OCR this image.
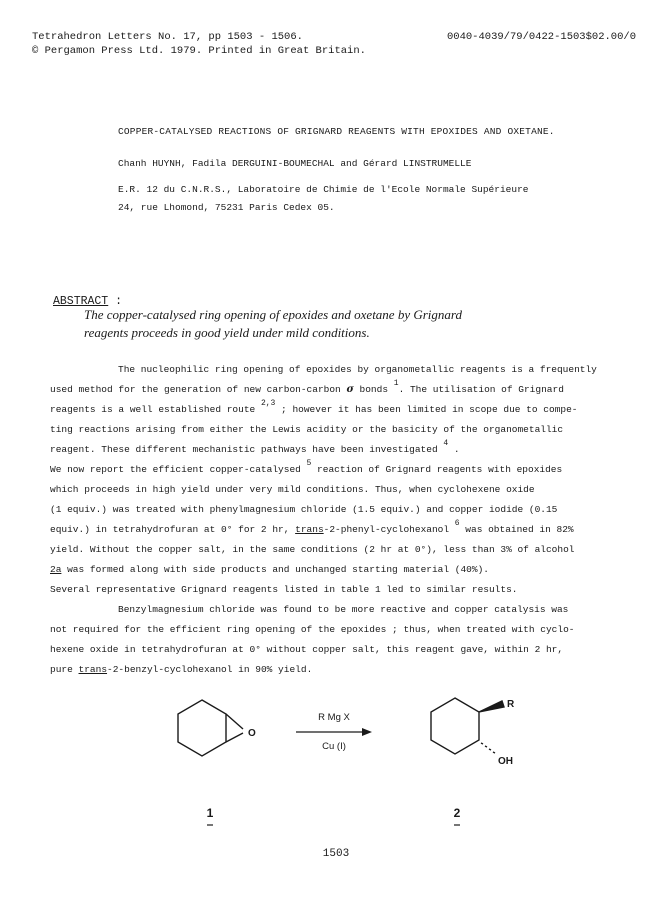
Tetrahedron Letters No. 17, pp 1503 - 1506.
© Pergamon Press Ltd. 1979. Printed in Great Britain.
0040-4039/79/0422-1503$02.00/0
COPPER-CATALYSED REACTIONS OF GRIGNARD REAGENTS WITH EPOXIDES AND OXETANE.
Chanh HUYNH, Fadila DERGUINI-BOUMECHAL and Gérard LINSTRUMELLE
E.R. 12 du C.N.R.S., Laboratoire de Chimie de l'Ecole Normale Supérieure
24, rue Lhomond, 75231 Paris Cedex 05.
ABSTRACT :
The copper-catalysed ring opening of epoxides and oxetane by Grignard
reagents proceeds in good yield under mild conditions.
The nucleophilic ring opening of epoxides by organometallic reagents is a frequently
used method for the generation of new carbon-carbon σ bonds $^1$. The utilisation of Grignard
reagents is a well established route $^{2,3}$ ; however it has been limited in scope due to compe-
ting reactions arising from either the Lewis acidity or the basicity of the organometallic
reagent. These different mechanistic pathways have been investigated $^4$ .
We now report the efficient copper-catalysed $^5$ reaction of Grignard reagents with epoxides
which proceeds in high yield under very mild conditions. Thus, when cyclohexene oxide
(1 equiv.) was treated with phenylmagnesium chloride (1.5 equiv.) and copper iodide (0.15
equiv.) in tetrahydrofuran at 0° for 2 hr, trans-2-phenyl-cyclohexanol $^6$ was obtained in 82%
yield. Without the copper salt, in the same conditions (2 hr at 0°), less than 3% of alcohol
2a was formed along with side products and unchanged starting material (40%).
Several representative Grignard reagents listed in table 1 led to similar results.
Benzylmagnesium chloride was found to be more reactive and copper catalysis was
not required for the efficient ring opening of the epoxides ; thus, when treated with cyclo-
hexene oxide in tetrahydrofuran at 0° without copper salt, this reagent gave, within 2 hr,
pure trans-2-benzyl-cyclohexanol in 90% yield.
O
R Mg X
Cu (I)
R
OH
1	2
1503
